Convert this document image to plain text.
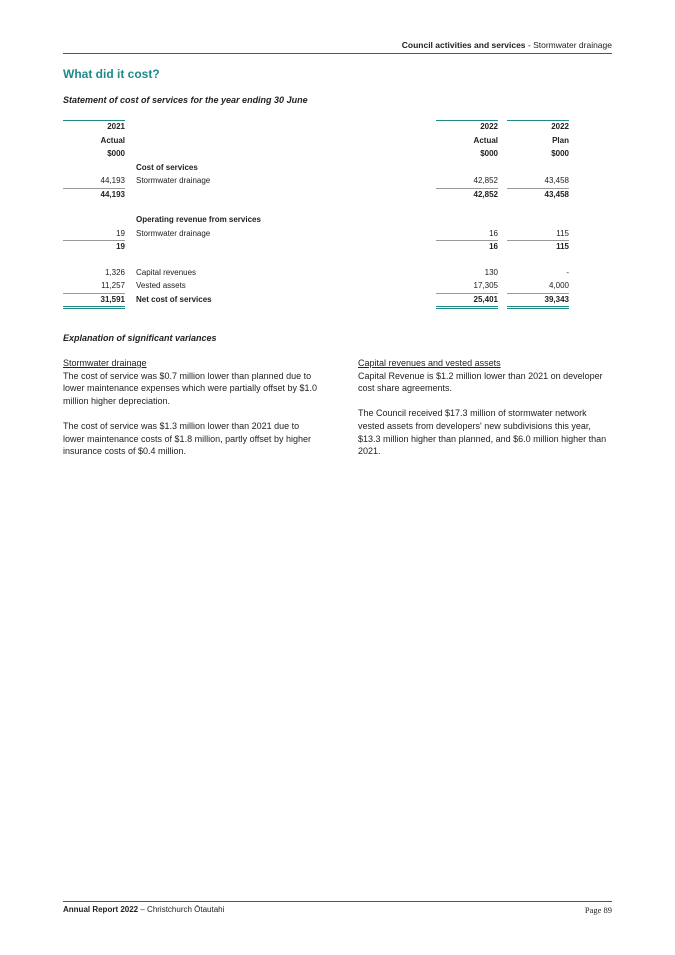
Council activities and services - Stormwater drainage
What did it cost?
Statement of cost of services for the year ending 30 June
2021	2022	2022
Actual	Actual	Plan
$000	$000	$000
Cost of services
44,193 Stormwater drainage	42,852	43,458
44,193	42,852	43,458
Operating revenue from services
19 Stormwater drainage	16	115
19	16	115
1,326 Capital revenues	130	-
11,257 Vested assets	17,305	4,000
31,591 Net cost of services	25,401	39,343
Explanation of significant variances
Stormwater drainage

The cost of service was $0.7 million lower than planned due to lower maintenance expenses which were partially offset by $1.0 million higher depreciation.

The cost of service was $1.3 million lower than 2021 due to lower maintenance costs of $1.8 million, partly offset by higher insurance costs of $0.4 million.

Capital revenues and vested assets

Capital Revenue is $1.2 million lower than 2021 on developer cost share agreements.

The Council received $17.3 million of stormwater network vested assets from developers' new subdivisions this year, $13.3 million higher than planned, and $6.0 million higher than 2021.

Annual Report 2022 – Christchurch Ōtautahi	Page 89
